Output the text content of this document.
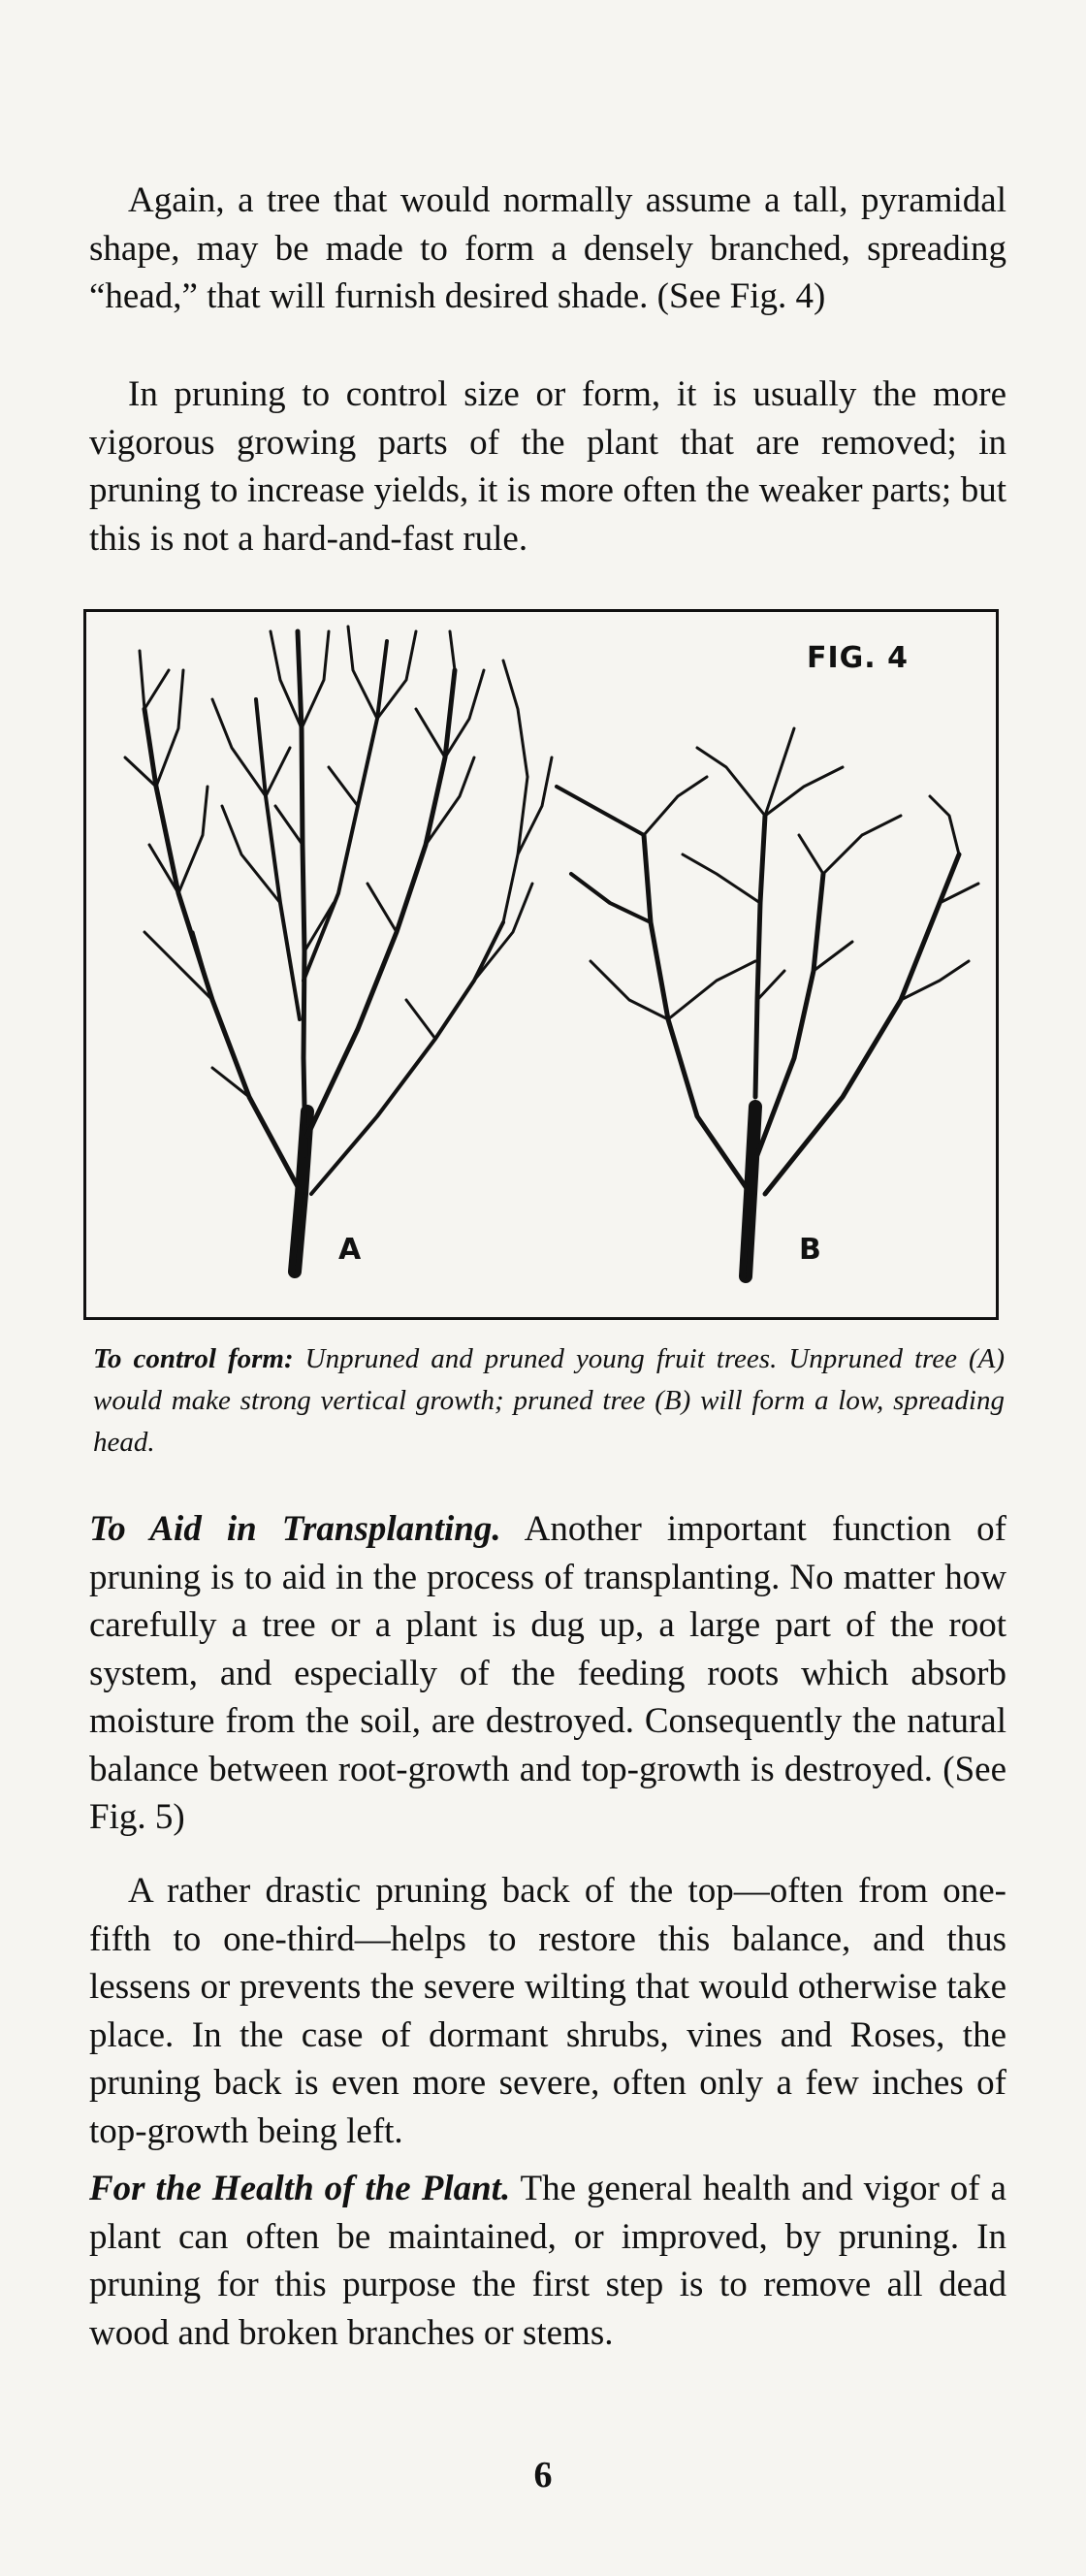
Again, a tree that would normally assume a tall, pyramidal shape, may be made to form a densely branched, spreading “head,” that will furnish desired shade. (See Fig. 4)

In pruning to control size or form, it is usually the more vigorous growing parts of the plant that are removed; in pruning to increase yields, it is more often the weaker parts; but this is not a hard-and-fast rule.

FIG. 4
A	B
To control form: Unpruned and pruned young fruit trees. Unpruned tree (A) would make strong vertical growth; pruned tree (B) will form a low, spreading head.

To Aid in Transplanting. Another important function of pruning is to aid in the process of transplanting. No matter how carefully a tree or a plant is dug up, a large part of the root system, and especially of the feeding roots which absorb moisture from the soil, are destroyed. Consequently the natural balance between root-growth and top-growth is destroyed. (See Fig. 5)

A rather drastic pruning back of the top—often from one-fifth to one-third—helps to restore this balance, and thus lessens or prevents the severe wilting that would otherwise take place. In the case of dormant shrubs, vines and Roses, the pruning back is even more severe, often only a few inches of top-growth being left.

For the Health of the Plant. The general health and vigor of a plant can often be maintained, or improved, by pruning. In pruning for this purpose the first step is to remove all dead wood and broken branches or stems.

6
